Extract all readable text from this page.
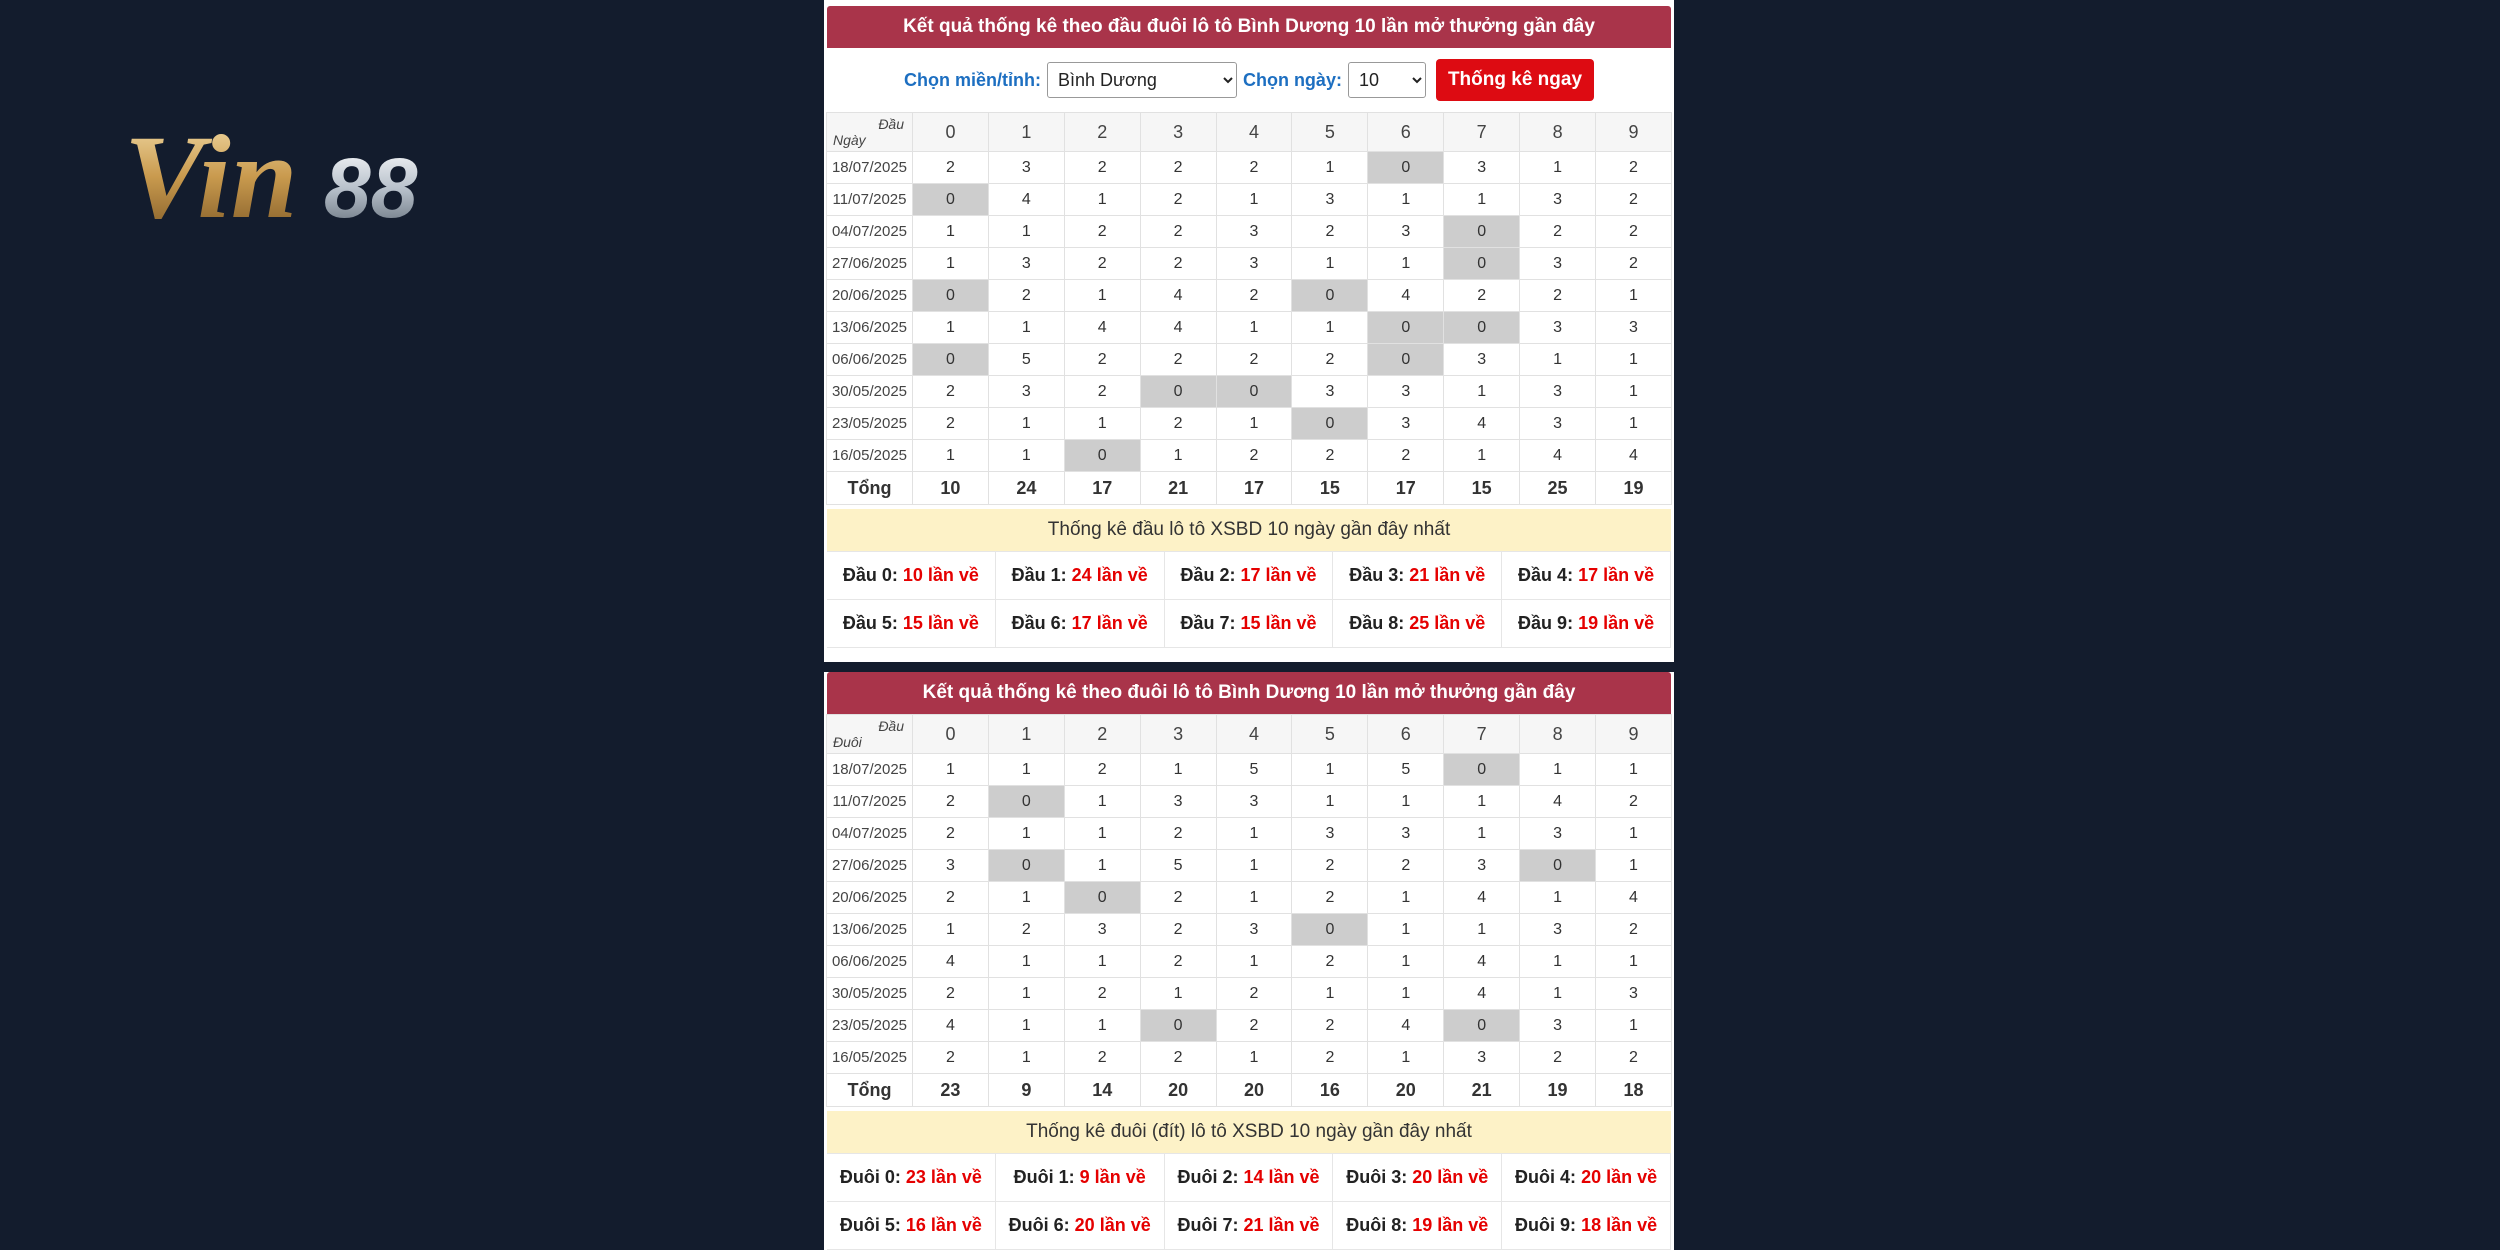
Vin 88
Kết quả thống kê theo đầu đuôi lô tô Bình Dương 10 lần mở thưởng gần đây
Chọn miền/tỉnh:
Bình Dương	Chọn ngày:
10	Thống kê ngay
Đầu
Ngày	0	1	2	3	4	5	6	7	8	9
18/07/2025	2	3	2	2	2	1	0	3	1	2
11/07/2025	0	4	1	2	1	3	1	1	3	2
04/07/2025	1	1	2	2	3	2	3	0	2	2
27/06/2025	1	3	2	2	3	1	1	0	3	2
20/06/2025	0	2	1	4	2	0	4	2	2	1
13/06/2025	1	1	4	4	1	1	0	0	3	3
06/06/2025	0	5	2	2	2	2	0	3	1	1
30/05/2025	2	3	2	0	0	3	3	1	3	1
23/05/2025	2	1	1	2	1	0	3	4	3	1
16/05/2025	1	1	0	1	2	2	2	1	4	4
Tổng	10	24	17	21	17	15	17	15	25	19
Thống kê đầu lô tô XSBD 10 ngày gần đây nhất
Đầu 0: 10 lần về	Đầu 1: 24 lần về	Đầu 2: 17 lần về	Đầu 3: 21 lần về	Đầu 4: 17 lần về
Đầu 5: 15 lần về	Đầu 6: 17 lần về	Đầu 7: 15 lần về	Đầu 8: 25 lần về	Đầu 9: 19 lần về
Kết quả thống kê theo đuôi lô tô Bình Dương 10 lần mở thưởng gần đây
Đầu
Đuôi	0	1	2	3	4	5	6	7	8	9
18/07/2025	1	1	2	1	5	1	5	0	1	1
11/07/2025	2	0	1	3	3	1	1	1	4	2
04/07/2025	2	1	1	2	1	3	3	1	3	1
27/06/2025	3	0	1	5	1	2	2	3	0	1
20/06/2025	2	1	0	2	1	2	1	4	1	4
13/06/2025	1	2	3	2	3	0	1	1	3	2
06/06/2025	4	1	1	2	1	2	1	4	1	1
30/05/2025	2	1	2	1	2	1	1	4	1	3
23/05/2025	4	1	1	0	2	2	4	0	3	1
16/05/2025	2	1	2	2	1	2	1	3	2	2
Tổng	23	9	14	20	20	16	20	21	19	18
Thống kê đuôi (đít) lô tô XSBD 10 ngày gần đây nhất
Đuôi 0: 23 lần về	Đuôi 1: 9 lần về	Đuôi 2: 14 lần về	Đuôi 3: 20 lần về	Đuôi 4: 20 lần về
Đuôi 5: 16 lần về	Đuôi 6: 20 lần về	Đuôi 7: 21 lần về	Đuôi 8: 19 lần về	Đuôi 9: 18 lần về
